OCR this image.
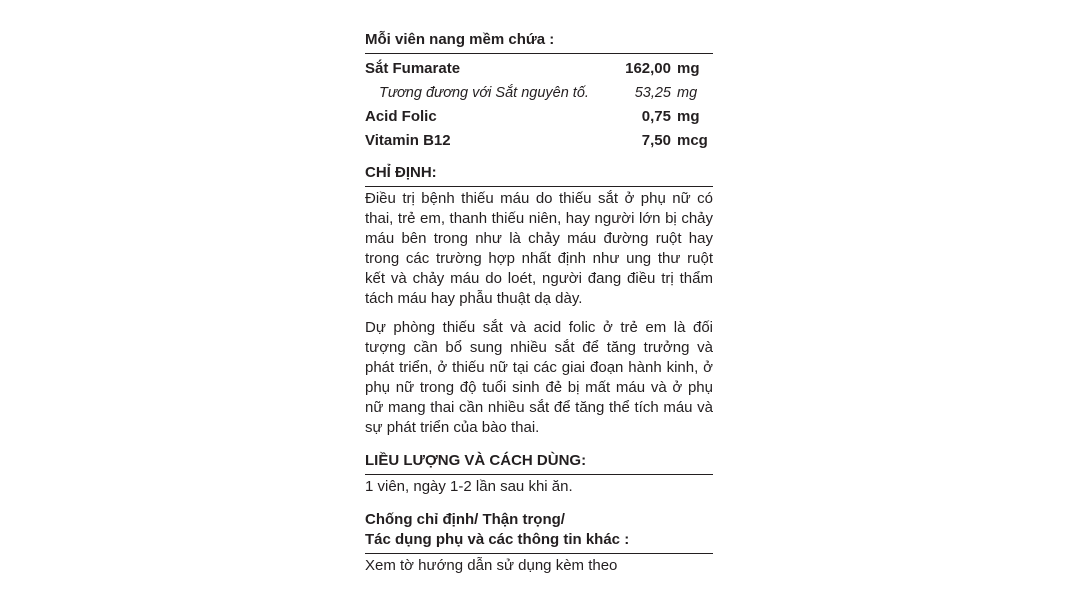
Mỗi viên nang mềm chứa :
Sắt Fumarate	162,00 mg
Tương đương với Sắt nguyên tố.	53,25 mg
Acid Folic	0,75 mg
Vitamin B12	7,50 mcg
CHỈ ĐỊNH:
Điều trị bệnh thiếu máu do thiếu sắt ở phụ nữ có thai, trẻ em, thanh thiếu niên, hay người lớn bị chảy máu bên trong như là chảy máu đường ruột hay trong các trường hợp nhất định như ung thư ruột kết và chảy máu do loét, người đang điều trị thẩm tách máu hay phẫu thuật dạ dày.
Dự phòng thiếu sắt và acid folic ở trẻ em là đối tượng cần bổ sung nhiều sắt để tăng trưởng và phát triển, ở thiếu nữ tại các giai đoạn hành kinh, ở phụ nữ trong độ tuổi sinh đẻ bị mất máu và ở phụ nữ mang thai cần nhiều sắt để tăng thể tích máu và sự phát triển của bào thai.
LIỀU LƯỢNG VÀ CÁCH DÙNG:
1 viên, ngày 1-2 lần sau khi ăn.
Chống chỉ định/ Thận trọng/
Tác dụng phụ và các thông tin khác :
Xem tờ hướng dẫn sử dụng kèm theo
